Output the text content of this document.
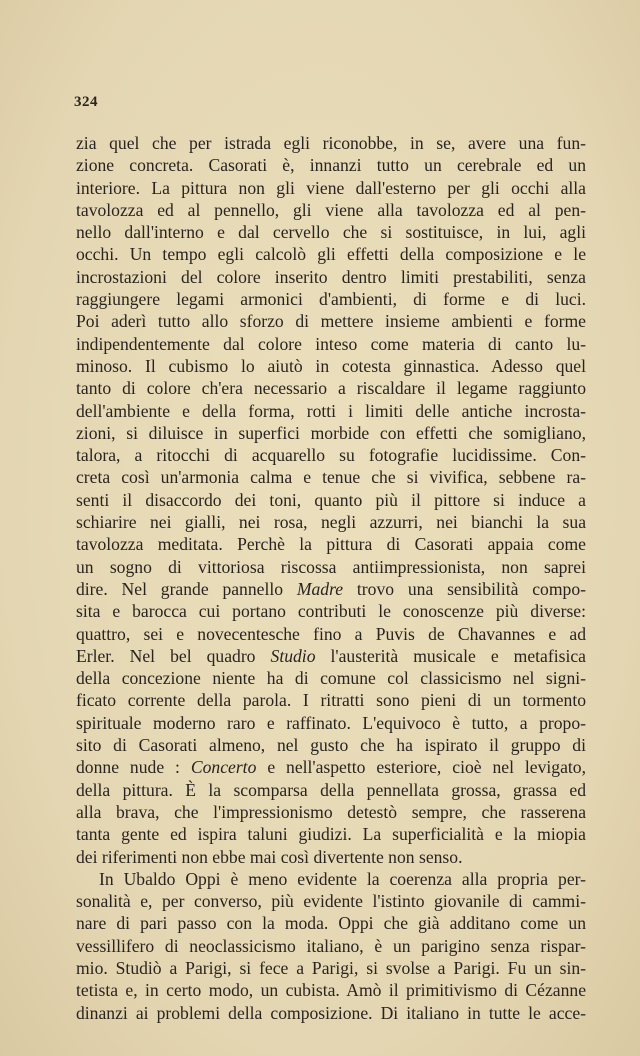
324
zia quel che per istrada egli riconobbe, in se, avere una fun-
zione concreta. Casorati è, innanzi tutto un cerebrale ed un
interiore. La pittura non gli viene dall'esterno per gli occhi alla
tavolozza ed al pennello, gli viene alla tavolozza ed al pen-
nello dall'interno e dal cervello che si sostituisce, in lui, agli
occhi. Un tempo egli calcolò gli effetti della composizione e le
incrostazioni del colore inserito dentro limiti prestabiliti, senza
raggiungere legami armonici d'ambienti, di forme e di luci.
Poi aderì tutto allo sforzo di mettere insieme ambienti e forme
indipendentemente dal colore inteso come materia di canto lu-
minoso. Il cubismo lo aiutò in cotesta ginnastica. Adesso quel
tanto di colore ch'era necessario a riscaldare il legame raggiunto
dell'ambiente e della forma, rotti i limiti delle antiche incrosta-
zioni, si diluisce in superfici morbide con effetti che somigliano,
talora, a ritocchi di acquarello su fotografie lucidissime. Con-
creta così un'armonia calma e tenue che si vivifica, sebbene ra-
senti il disaccordo dei toni, quanto più il pittore si induce a
schiarire nei gialli, nei rosa, negli azzurri, nei bianchi la sua
tavolozza meditata. Perchè la pittura di Casorati appaia come
un sogno di vittoriosa riscossa antiimpressionista, non saprei
dire. Nel grande pannello Madre trovo una sensibilità compo-
sita e barocca cui portano contributi le conoscenze più diverse:
quattro, sei e novecentesche fino a Puvis de Chavannes e ad
Erler. Nel bel quadro Studio l'austerità musicale e metafisica
della concezione niente ha di comune col classicismo nel signi-
ficato corrente della parola. I ritratti sono pieni di un tormento
spirituale moderno raro e raffinato. L'equivoco è tutto, a propo-
sito di Casorati almeno, nel gusto che ha ispirato il gruppo di
donne nude : Concerto e nell'aspetto esteriore, cioè nel levigato,
della pittura. È la scomparsa della pennellata grossa, grassa ed
alla brava, che l'impressionismo detestò sempre, che rasserena
tanta gente ed ispira taluni giudizi. La superficialità e la miopia
dei riferimenti non ebbe mai così divertente non senso.
In Ubaldo Oppi è meno evidente la coerenza alla propria per-
sonalità e, per converso, più evidente l'istinto giovanile di cammi-
nare di pari passo con la moda. Oppi che già additano come un
vessillifero di neoclassicismo italiano, è un parigino senza rispar-
mio. Studiò a Parigi, si fece a Parigi, si svolse a Parigi. Fu un sin-
tetista e, in certo modo, un cubista. Amò il primitivismo di Cézanne
dinanzi ai problemi della composizione. Di italiano in tutte le acce-
